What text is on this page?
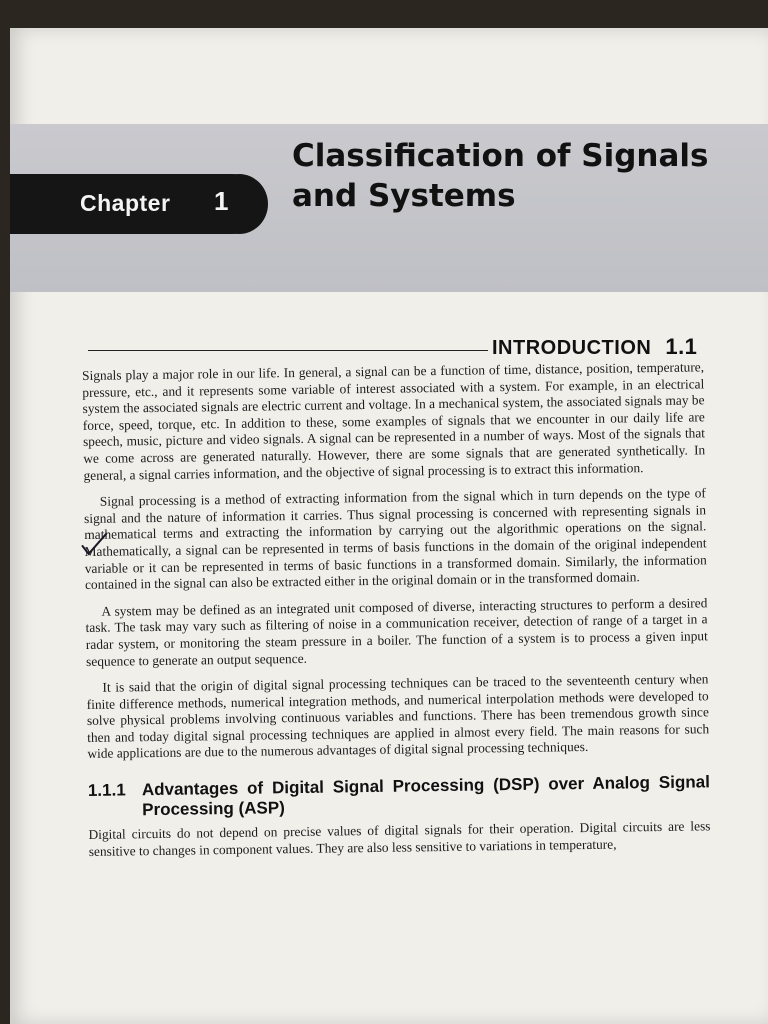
Chapter 1
Classification of Signals
and Systems
INTRODUCTION 1.1

Signals play a major role in our life. In general, a signal can be a function of time, distance, position, temperature, pressure, etc., and it represents some variable of interest associated with a system. For example, in an electrical system the associated signals are electric current and voltage. In a mechanical system, the associated signals may be force, speed, torque, etc. In addition to these, some examples of signals that we encounter in our daily life are speech, music, picture and video signals. A signal can be represented in a number of ways. Most of the signals that we come across are generated naturally. However, there are some signals that are generated synthetically. In general, a signal carries information, and the objective of signal processing is to extract this information.

Signal processing is a method of extracting information from the signal which in turn depends on the type of signal and the nature of information it carries. Thus signal processing is concerned with representing signals in mathematical terms and extracting the information by carrying out the algorithmic operations on the signal. Mathematically, a signal can be represented in terms of basis functions in the domain of the original independent variable or it can be represented in terms of basic functions in a transformed domain. Similarly, the information contained in the signal can also be extracted either in the original domain or in the transformed domain.

A system may be defined as an integrated unit composed of diverse, interacting structures to perform a desired task. The task may vary such as filtering of noise in a communication receiver, detection of range of a target in a radar system, or monitoring the steam pressure in a boiler. The function of a system is to process a given input sequence to generate an output sequence.

It is said that the origin of digital signal processing techniques can be traced to the seventeenth century when finite difference methods, numerical integration methods, and numerical interpolation methods were developed to solve physical problems involving continuous variables and functions. There has been tremendous growth since then and today digital signal processing techniques are applied in almost every field. The main reasons for such wide applications are due to the numerous advantages of digital signal processing techniques.

1.1.1 Advantages of Digital Signal Processing (DSP) over Analog Signal Processing (ASP)

Digital circuits do not depend on precise values of digital signals for their operation. Digital circuits are less sensitive to changes in component values. They are also less sensitive to variations in temperature,
